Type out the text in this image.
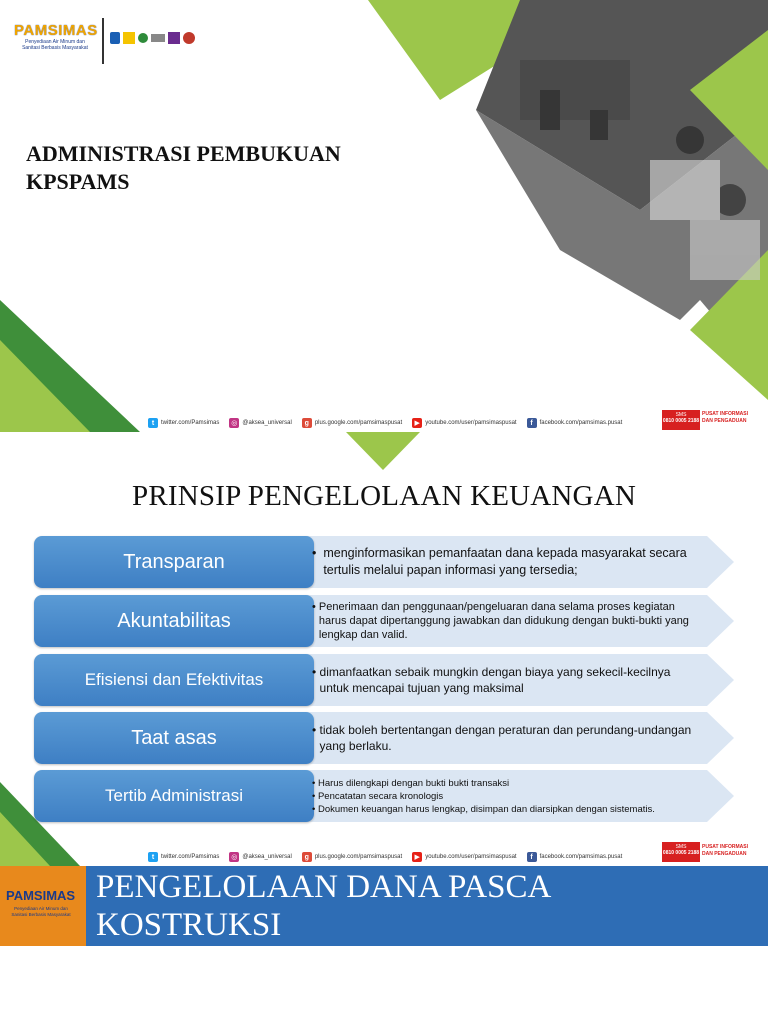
PAMSIMAS
Penyediaan Air Minum dan Sanitasi Berbasis Masyarakat
ADMINISTRASI PEMBUKUAN
KPSPAMS
t	twitter.com/Pamsimas ◎ @aksea_universal	g plus.google.com/pamsimaspusat	▶ youtube.com/user/pamsimaspusat	f	facebook.com/pamsimas.pusat
SMS
0810 0005 2188
PUSAT INFORMASI
DAN PENGADUAN
PRINSIP PENGELOLAAN KEUANGAN
Transparan	• menginformasikan pemanfaatan dana kepada masyarakat secara tertulis melalui papan informasi yang tersedia;
Akuntabilitas
• Penerimaan dan penggunaan/pengeluaran dana selama proses kegiatan harus dapat dipertanggung jawabkan dan didukung dengan bukti-bukti yang lengkap dan valid.
Efisiensi dan Efektivitas	• dimanfaatkan sebaik mungkin dengan biaya yang sekecil-kecilnya untuk mencapai tujuan yang maksimal
Taat asas	• tidak boleh bertentangan dengan peraturan dan perundang-undangan yang berlaku.
Tertib Administrasi
• Harus dilengkapi dengan bukti bukti transaksi
• Pencatatan secara kronologis
• Dokumen keuangan harus lengkap, disimpan dan diarsipkan dengan sistematis.
t	twitter.com/Pamsimas ◎ @aksea_universal	g plus.google.com/pamsimaspusat	▶ youtube.com/user/pamsimaspusat	f	facebook.com/pamsimas.pusat
SMS
0810 0005 2188
PUSAT INFORMASI
DAN PENGADUAN
PAMSIMAS
Penyediaan Air Minum dan Sanitasi Berbasis Masyarakat
PENGELOLAAN DANA PASCA
KOSTRUKSI
